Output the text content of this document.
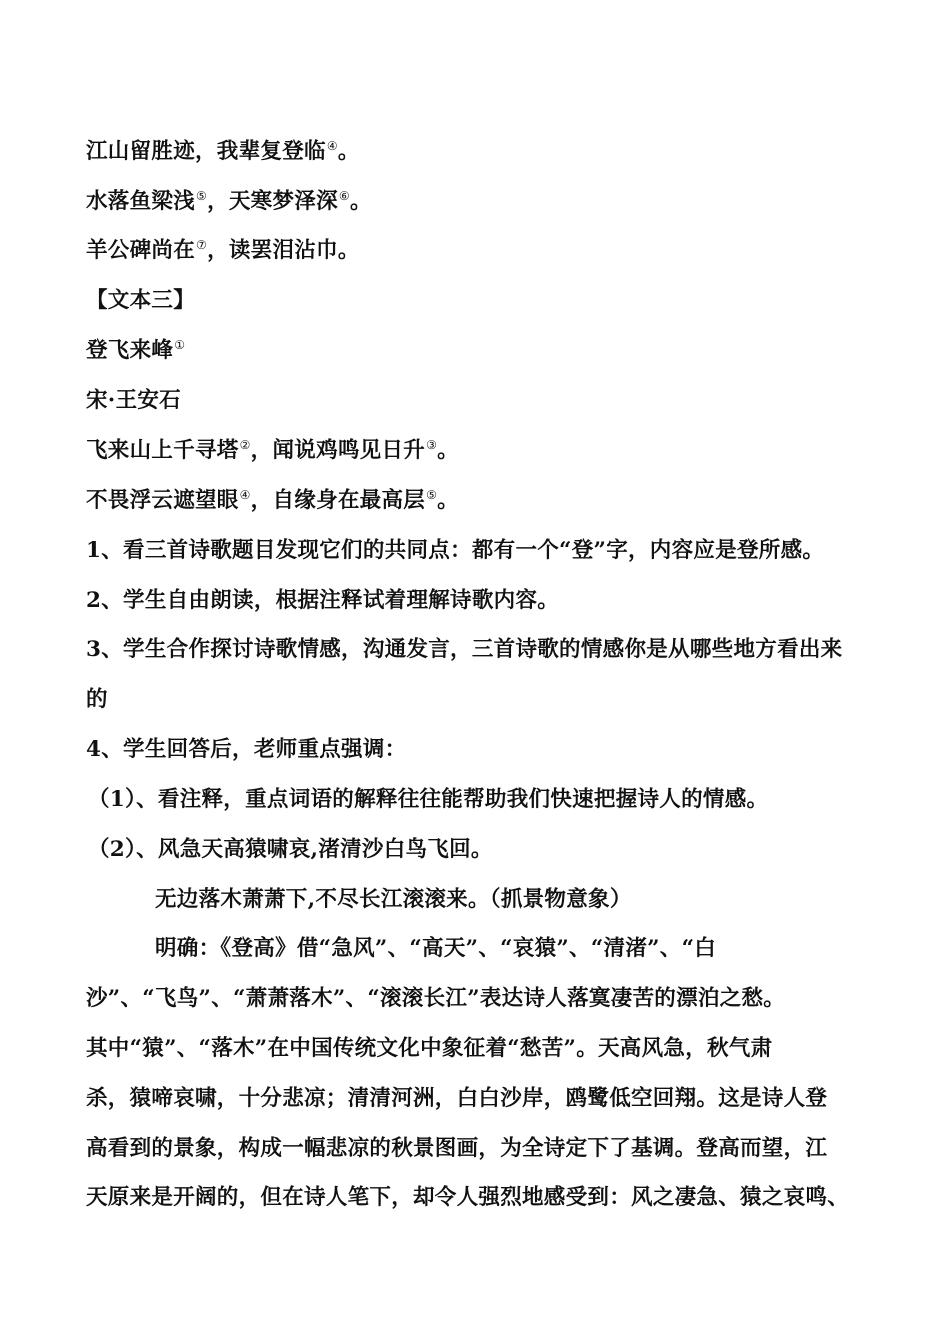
江山留胜迹，我辈复登临④。
水落鱼梁浅⑤，天寒梦泽深⑥。
羊公碑尚在⑦，读罢泪沾巾。
【文本三】
登飞来峰①
宋·王安石
飞来山上千寻塔②，闻说鸡鸣见日升③。
不畏浮云遮望眼④，自缘身在最高层⑤。
1、看三首诗歌题目发现它们的共同点：都有一个“登”字，内容应是登所感。
2、学生自由朗读，根据注释试着理解诗歌内容。
3、学生合作探讨诗歌情感，沟通发言，三首诗歌的情感你是从哪些地方看出来
的
4、学生回答后，老师重点强调：
（1）、看注释，重点词语的解释往往能帮助我们快速把握诗人的情感。
（2）、风急天高猿啸哀,渚清沙白鸟飞回。
无边落木萧萧下,不尽长江滚滚来。（抓景物意象）
明确：《登高》借“急风”、“高天”、“哀猿”、“清渚”、“白
沙”、“飞鸟”、“萧萧落木”、“滚滚长江”表达诗人落寞凄苦的漂泊之愁。
其中“猿”、“落木”在中国传统文化中象征着“愁苦”。天高风急，秋气肃
杀，猿啼哀啸，十分悲凉；清清河洲，白白沙岸，鸥鹭低空回翔。这是诗人登
高看到的景象，构成一幅悲凉的秋景图画，为全诗定下了基调。登高而望，江
天原来是开阔的，但在诗人笔下，却令人强烈地感受到：风之凄急、猿之哀鸣、
